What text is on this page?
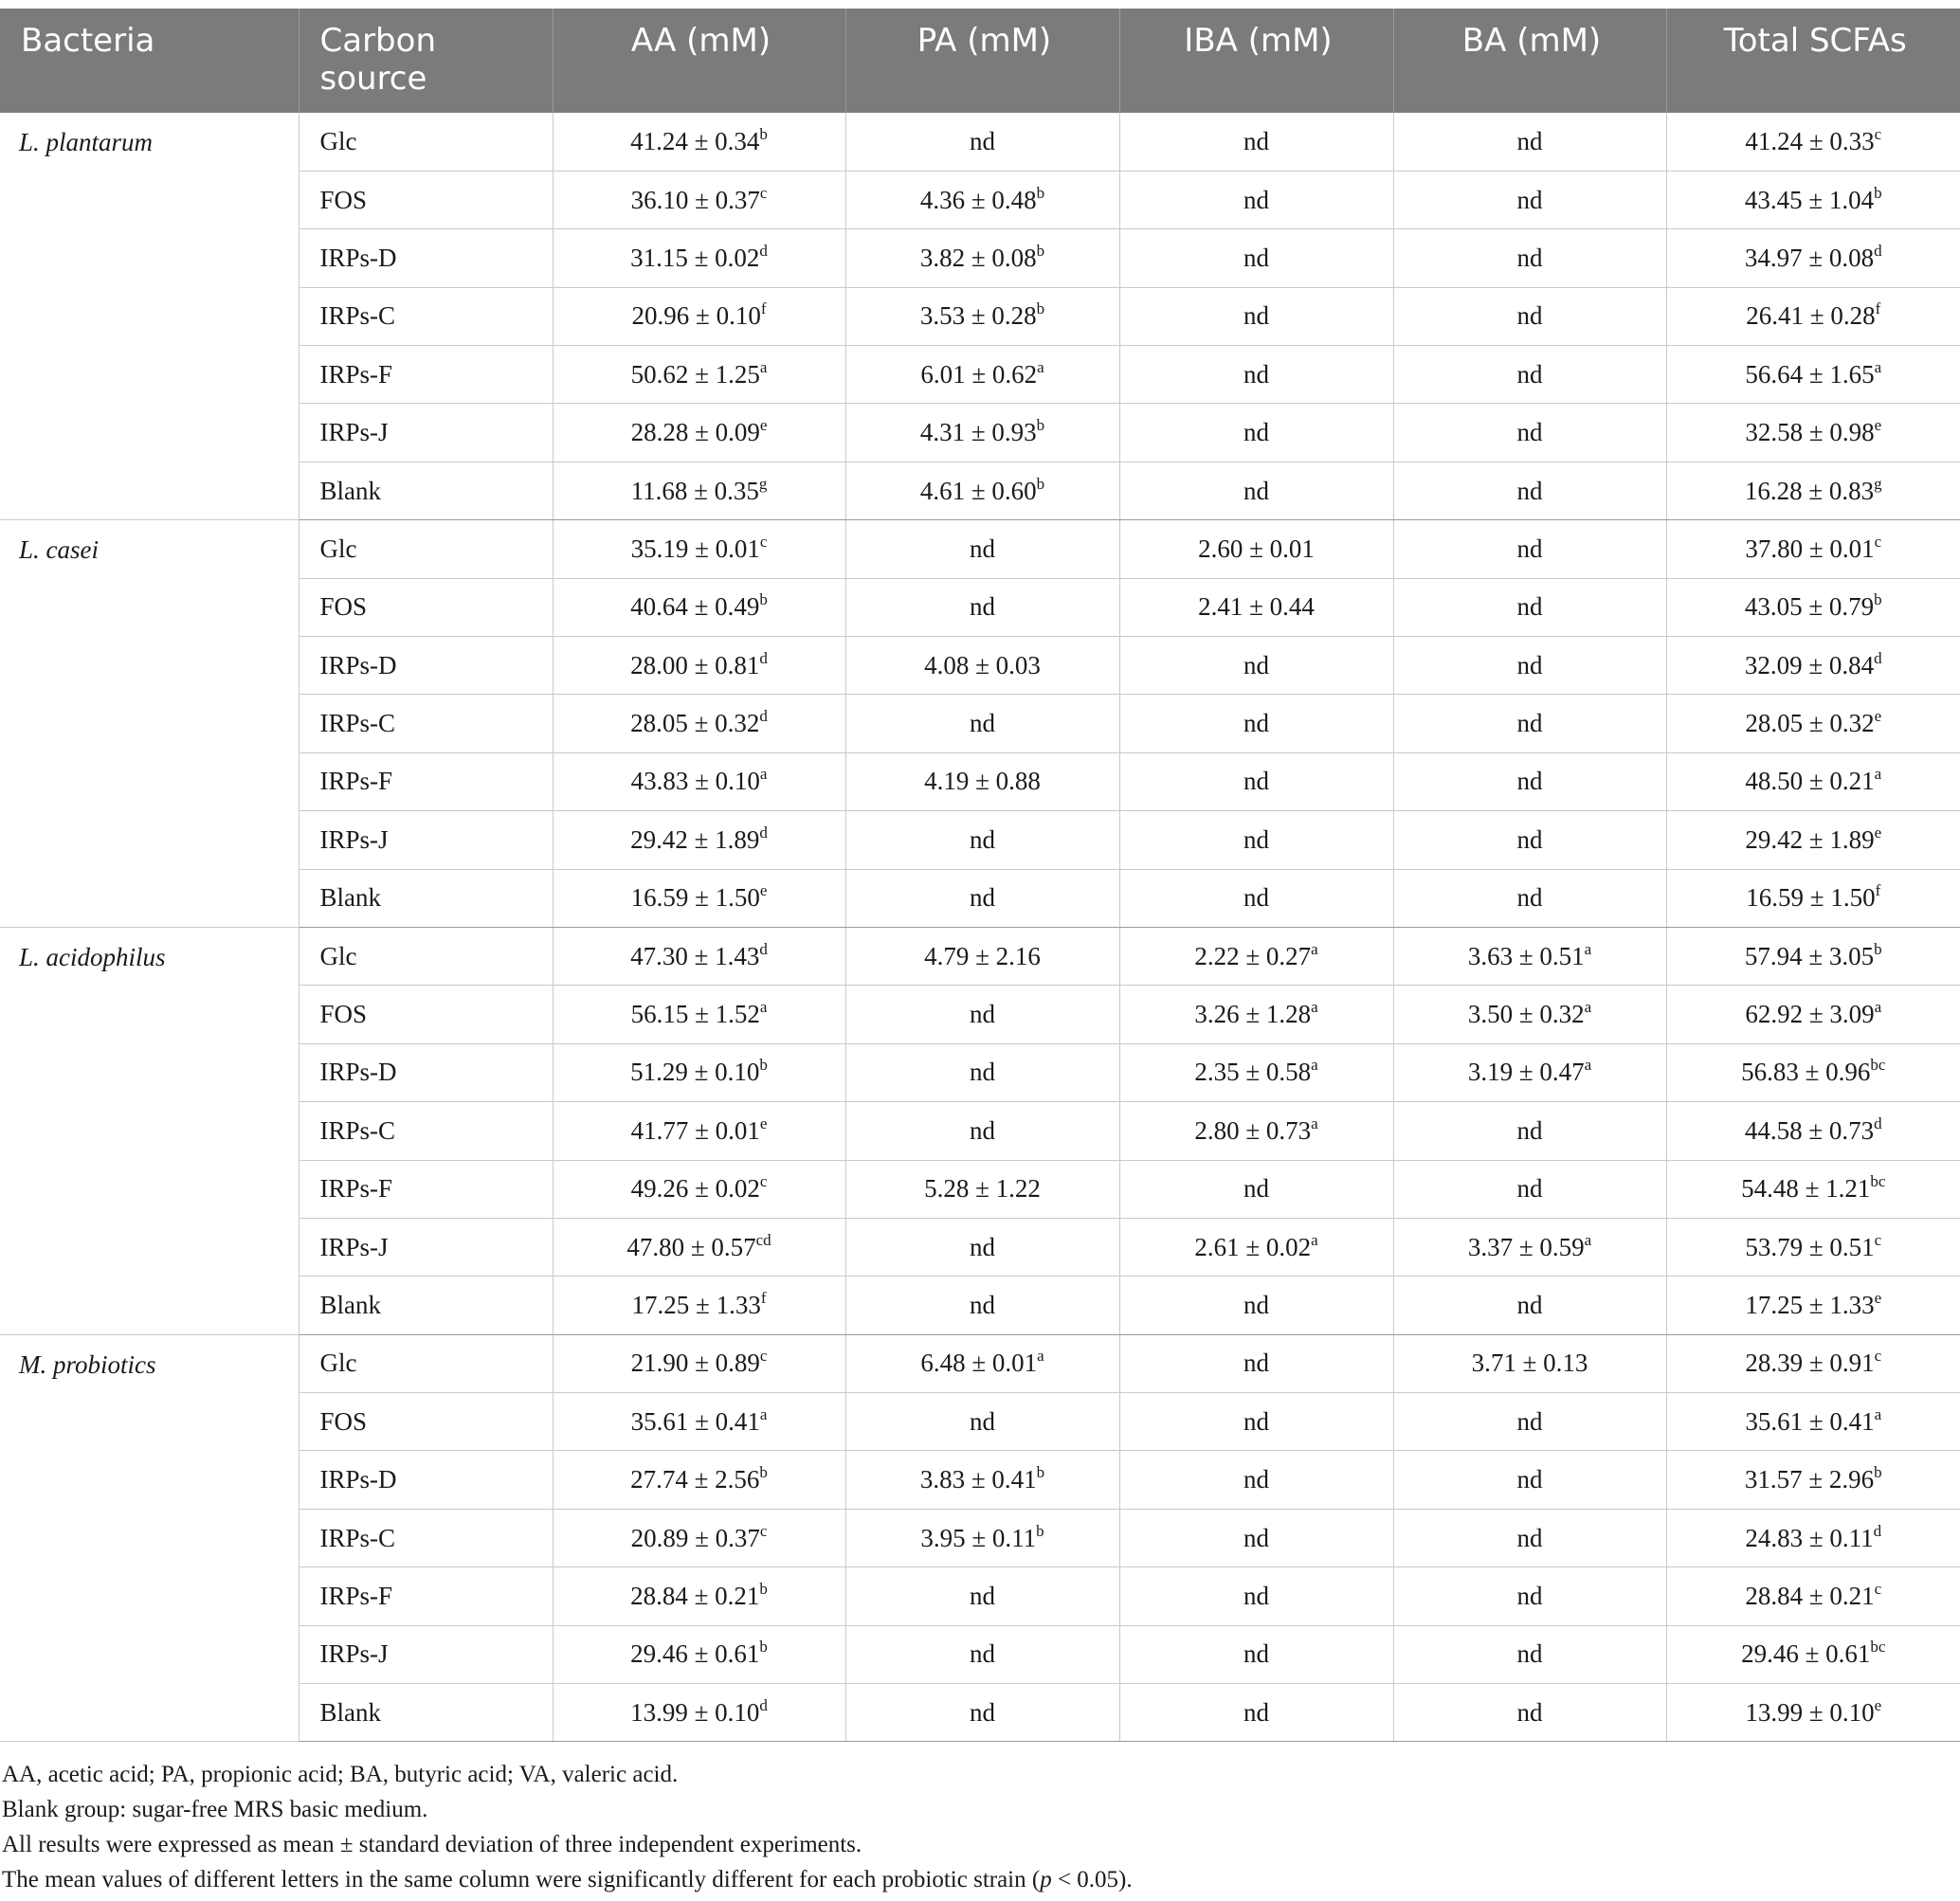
Bacteria	Carbon source	AA (mM)	PA (mM)	IBA (mM)	BA (mM)	Total SCFAs
L. plantarum	Glc	41.24 ± 0.34$^b$	nd	nd	nd	41.24 ± 0.33$^c$
	FOS	36.10 ± 0.37$^c$	4.36 ± 0.48$^b$	nd	nd	43.45 ± 1.04$^b$
	IRPs-D	31.15 ± 0.02$^d$	3.82 ± 0.08$^b$	nd	nd	34.97 ± 0.08$^d$
	IRPs-C	20.96 ± 0.10$^f$	3.53 ± 0.28$^b$	nd	nd	26.41 ± 0.28$^f$
	IRPs-F	50.62 ± 1.25$^a$	6.01 ± 0.62$^a$	nd	nd	56.64 ± 1.65$^a$
	IRPs-J	28.28 ± 0.09$^e$	4.31 ± 0.93$^b$	nd	nd	32.58 ± 0.98$^e$
	Blank	11.68 ± 0.35$^g$	4.61 ± 0.60$^b$	nd	nd	16.28 ± 0.83$^g$
L. casei	Glc	35.19 ± 0.01$^c$	nd	2.60 ± 0.01	nd	37.80 ± 0.01$^c$
	FOS	40.64 ± 0.49$^b$	nd	2.41 ± 0.44	nd	43.05 ± 0.79$^b$
	IRPs-D	28.00 ± 0.81$^d$	4.08 ± 0.03	nd	nd	32.09 ± 0.84$^d$
	IRPs-C	28.05 ± 0.32$^d$	nd	nd	nd	28.05 ± 0.32$^e$
	IRPs-F	43.83 ± 0.10$^a$	4.19 ± 0.88	nd	nd	48.50 ± 0.21$^a$
	IRPs-J	29.42 ± 1.89$^d$	nd	nd	nd	29.42 ± 1.89$^e$
	Blank	16.59 ± 1.50$^e$	nd	nd	nd	16.59 ± 1.50$^f$
L. acidophilus	Glc	47.30 ± 1.43$^d$	4.79 ± 2.16	2.22 ± 0.27$^a$	3.63 ± 0.51$^a$	57.94 ± 3.05$^b$
	FOS	56.15 ± 1.52$^a$	nd	3.26 ± 1.28$^a$	3.50 ± 0.32$^a$	62.92 ± 3.09$^a$
	IRPs-D	51.29 ± 0.10$^b$	nd	2.35 ± 0.58$^a$	3.19 ± 0.47$^a$	56.83 ± 0.96$^{bc}$
	IRPs-C	41.77 ± 0.01$^e$	nd	2.80 ± 0.73$^a$	nd	44.58 ± 0.73$^d$
	IRPs-F	49.26 ± 0.02$^c$	5.28 ± 1.22	nd	nd	54.48 ± 1.21$^{bc}$
	IRPs-J	47.80 ± 0.57$^{cd}$	nd	2.61 ± 0.02$^a$	3.37 ± 0.59$^a$	53.79 ± 0.51$^c$
	Blank	17.25 ± 1.33$^f$	nd	nd	nd	17.25 ± 1.33$^e$
M. probiotics	Glc	21.90 ± 0.89$^c$	6.48 ± 0.01$^a$	nd	3.71 ± 0.13	28.39 ± 0.91$^c$
	FOS	35.61 ± 0.41$^a$	nd	nd	nd	35.61 ± 0.41$^a$
	IRPs-D	27.74 ± 2.56$^b$	3.83 ± 0.41$^b$	nd	nd	31.57 ± 2.96$^b$
	IRPs-C	20.89 ± 0.37$^c$	3.95 ± 0.11$^b$	nd	nd	24.83 ± 0.11$^d$
	IRPs-F	28.84 ± 0.21$^b$	nd	nd	nd	28.84 ± 0.21$^c$
	IRPs-J	29.46 ± 0.61$^b$	nd	nd	nd	29.46 ± 0.61$^{bc}$
	Blank	13.99 ± 0.10$^d$	nd	nd	nd	13.99 ± 0.10$^e$
AA, acetic acid; PA, propionic acid; BA, butyric acid; VA, valeric acid.
Blank group: sugar-free MRS basic medium.
All results were expressed as mean ± standard deviation of three independent experiments.
The mean values of different letters in the same column were significantly different for each probiotic strain (p < 0.05).
